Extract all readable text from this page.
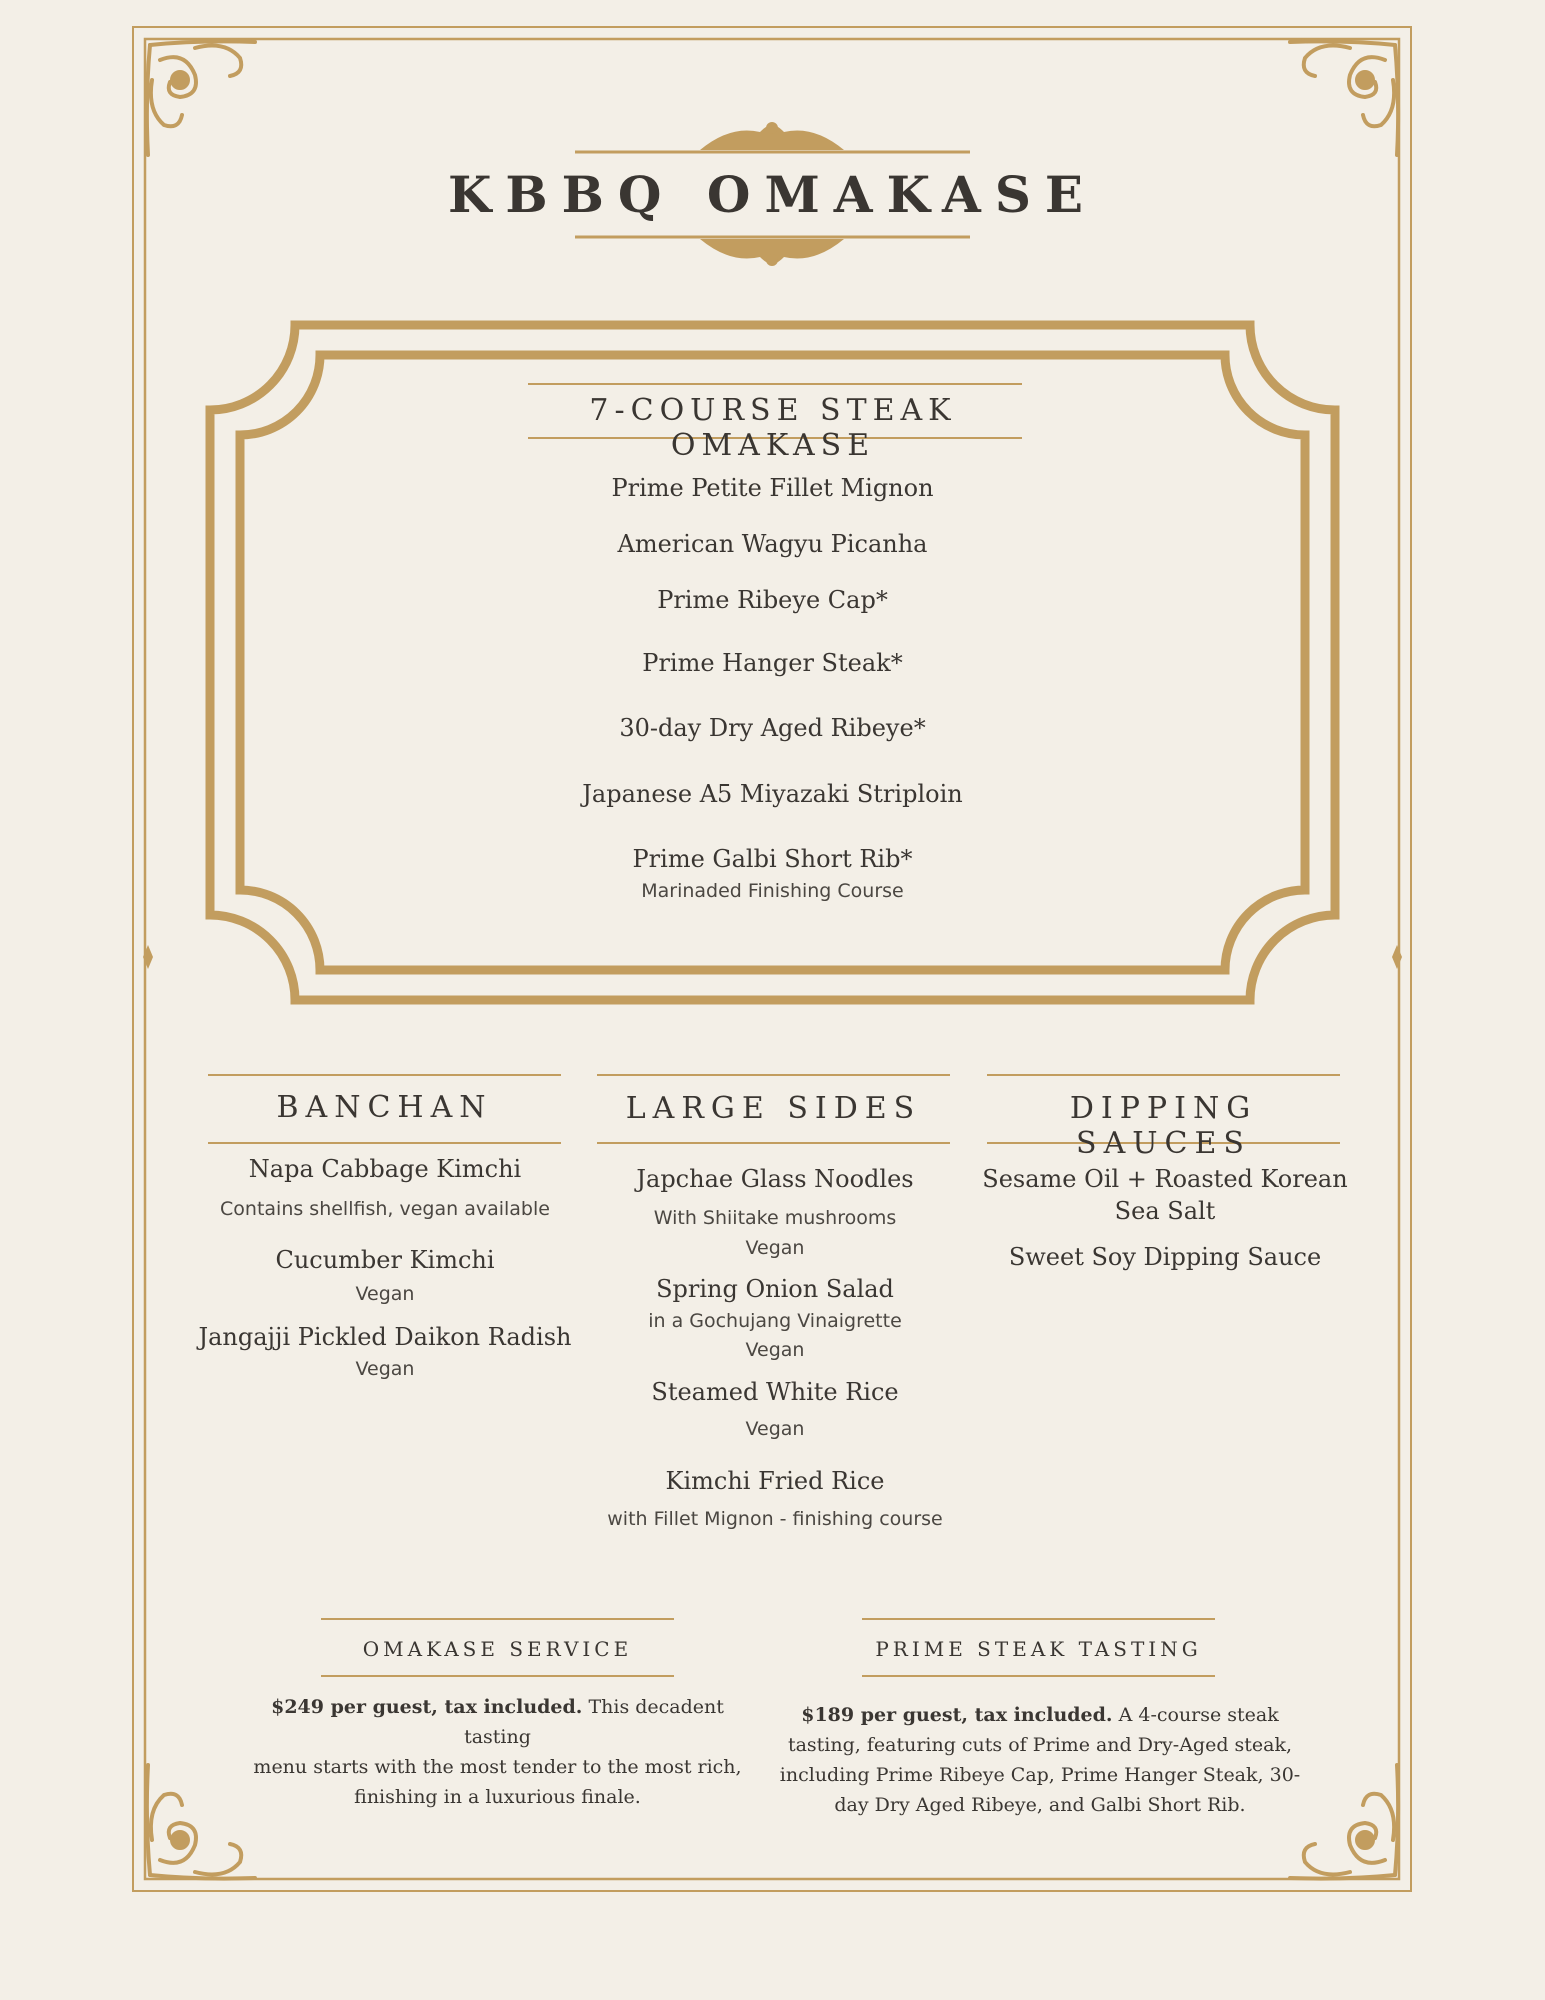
KBBQ OMAKASE
7-COURSE STEAK OMAKASE
Prime Petite Fillet Mignon
American Wagyu Picanha
Prime Ribeye Cap*
Prime Hanger Steak*
30-day Dry Aged Ribeye*
Japanese A5 Miyazaki Striploin
Prime Galbi Short Rib*
Marinaded Finishing Course
BANCHAN
Napa Cabbage Kimchi
Contains shellfish, vegan available
Cucumber Kimchi
Vegan
Jangajji Pickled Daikon Radish
Vegan
LARGE SIDES
Japchae Glass Noodles
With Shiitake mushrooms
Vegan
Spring Onion Salad
in a Gochujang Vinaigrette
Vegan
Steamed White Rice
Vegan
Kimchi Fried Rice
with Fillet Mignon - finishing course
DIPPING SAUCES
Sesame Oil + Roasted Korean
Sea Salt
Sweet Soy Dipping Sauce
OMAKASE SERVICE
$249 per guest, tax included. This decadent tasting
menu starts with the most tender to the most rich,
finishing in a luxurious finale.
PRIME STEAK TASTING
$189 per guest, tax included. A 4-course steak
tasting, featuring cuts of Prime and Dry-Aged steak,
including Prime Ribeye Cap, Prime Hanger Steak, 30-
day Dry Aged Ribeye, and Galbi Short Rib.
